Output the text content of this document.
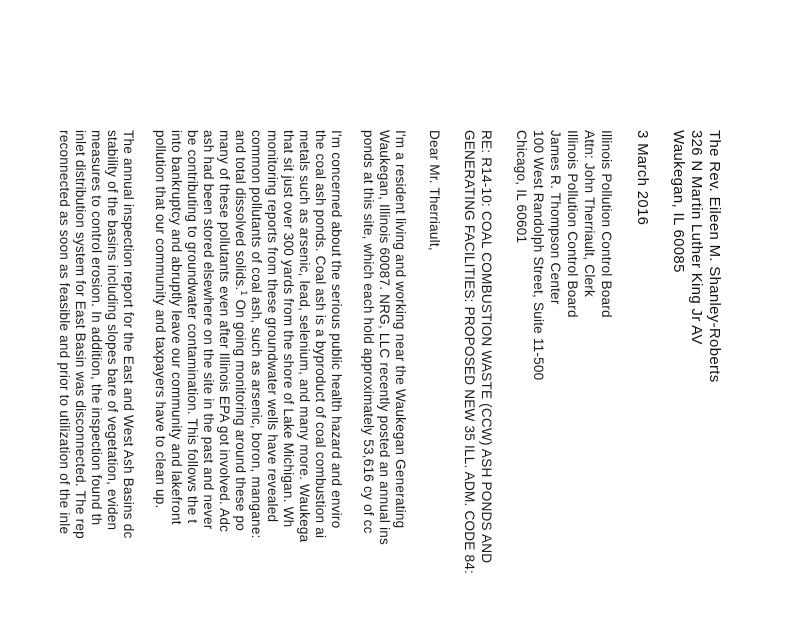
The Rev. Eileen M. Shanley-Roberts
326 N Martin Luther King Jr AV
Waukegan, IL 60085
3 March 2016
Illinois Pollution Control Board
Attn: John Therriault, Clerk
Illinois Pollution Control Board
James R. Thompson Center
100 West Randolph Street, Suite 11-500
Chicago, IL 60601
RE: R14-10: COAL COMBUSTION WASTE (CCW) ASH PONDS AND
GENERATING FACILITIES: PROPOSED NEW 35 ILL. ADM. CODE 84:
Dear Mr. Therriault,
I'm a resident living and working near the Waukegan Generating
Waukegan, Illinois 60087. NRG, LLC recently posted an annual ins
ponds at this site, which each hold approximately 53,616 cy of cc
I'm concerned about the serious public health hazard and enviro
the coal ash ponds. Coal ash is a byproduct of coal combustion ai
metals such as arsenic, lead, selenium, and many more. Waukega
that sit just over 300 yards from the shore of Lake Michigan. Wh
monitoring reports from these groundwater wells have revealed
common pollutants of coal ash, such as arsenic, boron, mangane:
and total dissolved solids.$^1$ On going monitoring around these po
many of these pollutants even after Illinois EPA got involved. Adc
ash had been stored elsewhere on the site in the past and never
be contributing to groundwater contamination. This follows the t
into bankruptcy and abruptly leave our community and lakefront
pollution that our community and taxpayers have to clean up.
The annual inspection report for the East and West Ash Basins dc
stability of the basins including slopes bare of vegetation, eviden
measures to control erosion. In addition, the inspection found th
inlet distribution system for East Basin was disconnected. The rep
reconnected as soon as feasible and prior to utilization of the inle
